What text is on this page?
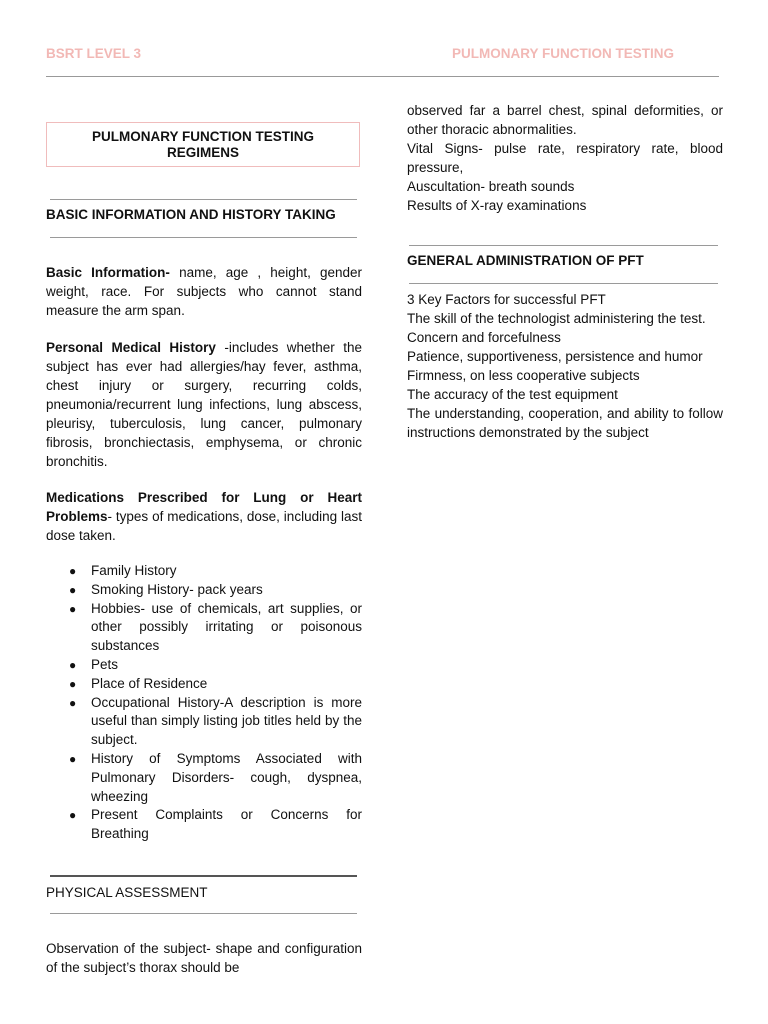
BSRT LEVEL 3	PULMONARY FUNCTION TESTING
PULMONARY FUNCTION TESTING
REGIMENS
BASIC INFORMATION AND HISTORY TAKING

Basic Information- name, age , height, gender weight, race. For subjects who cannot stand measure the arm span.

Personal Medical History -includes whether the subject has ever had allergies/hay fever, asthma, chest injury or surgery, recurring colds, pneumonia/recurrent lung infections, lung abscess, pleurisy, tuberculosis, lung cancer, pulmonary fibrosis, bronchiectasis, emphysema, or chronic bronchitis.

Medications Prescribed for Lung or Heart Problems- types of medications, dose, including last dose taken.

● Family History
● Smoking History- pack years
● Hobbies- use of chemicals, art supplies, or other possibly irritating or poisonous substances
● Pets
● Place of Residence
● Occupational History-A description is more useful than simply listing job titles held by the subject.
● History of Symptoms Associated with Pulmonary Disorders- cough, dyspnea, wheezing
● Present Complaints or Concerns for Breathing
PHYSICAL ASSESSMENT

Observation of the subject- shape and configuration of the subject’s thorax should be

observed far a barrel chest, spinal deformities, or other thoracic abnormalities.
Vital Signs- pulse rate, respiratory rate, blood pressure,
Auscultation- breath sounds
Results of X-ray examinations
GENERAL ADMINISTRATION OF PFT
3 Key Factors for successful PFT
The skill of the technologist administering the test.
Concern and forcefulness
Patience, supportiveness, persistence and humor
Firmness, on less cooperative subjects
The accuracy of the test equipment
The understanding, cooperation, and ability to follow instructions demonstrated by the subject
